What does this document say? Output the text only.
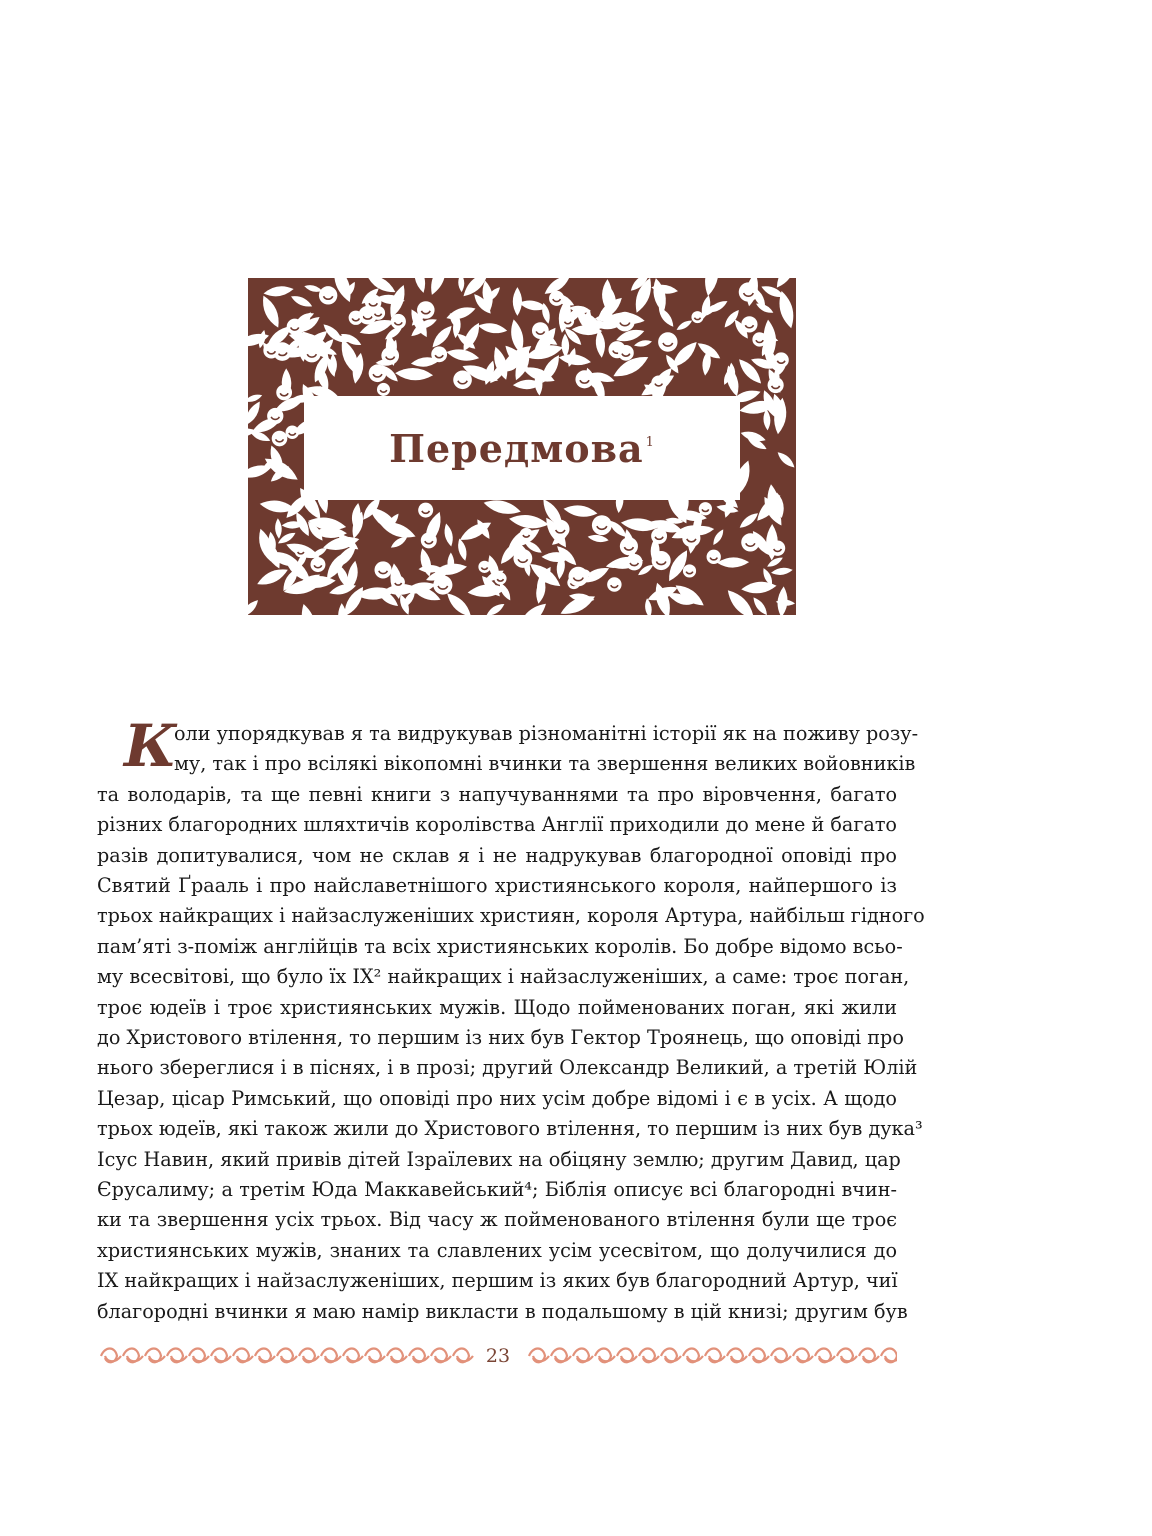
Передмова$^1$
К
оли упорядкував я та видрукував різноманітні історії як на поживу розу-
му, так і про всілякі вікопомні вчинки та звершення великих войовників
та володарів, та ще певні книги з напучуваннями та про віровчення, багато
різних благородних шляхтичів королівства Англії приходили до мене й багато
разів допитувалися, чом не склав я і не надрукував благородної оповіді про
Святий Ґрааль і про найславетнішого християнського короля, найпершого із
трьох найкращих і найзаслуженіших християн, короля Артура, найбільш гідного
пам’яті з-поміж англійців та всіх християнських королів. Бо добре відомо всьо-
му всесвітові, що було їх IX² найкращих і найзаслуженіших, а саме: троє поган,
троє юдеїв і троє християнських мужів. Щодо пойменованих поган, які жили
до Христового втілення, то першим із них був Гектор Троянець, що оповіді про
нього збереглися і в піснях, і в прозі; другий Олександр Великий, а третій Юлій
Цезар, цісар Римський, що оповіді про них усім добре відомі і є в усіх. А щодо
трьох юдеїв, які також жили до Христового втілення, то першим із них був дука³
Ісус Навин, який привів дітей Ізраїлевих на обіцяну землю; другим Давид, цар
Єрусалиму; а третім Юда Маккавейський⁴; Біблія описує всі благородні вчин-
ки та звершення усіх трьох. Від часу ж пойменованого втілення були ще троє
християнських мужів, знаних та славлених усім усесвітом, що долучилися до
IX найкращих і найзаслуженіших, першим із яких був благородний Артур, чиї
благородні вчинки я маю намір викласти в подальшому в цій книзі; другим був
23
